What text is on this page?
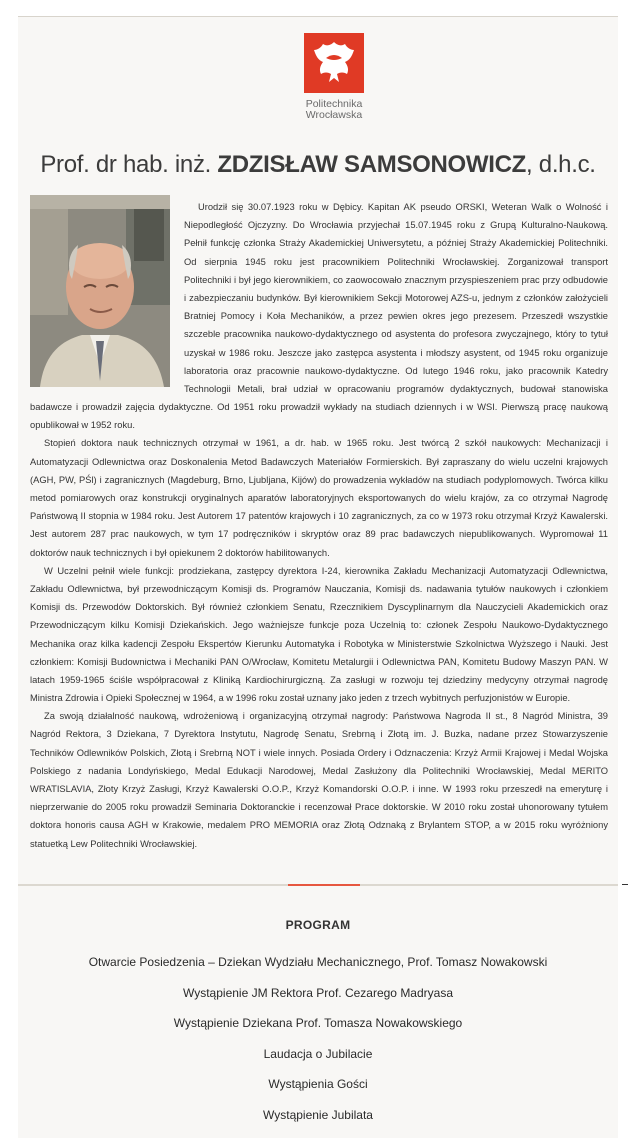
Politechnika
Wrocławska
Prof. dr hab. inż. ZDZISŁAW SAMSONOWICZ, d.h.c.

Urodził się 30.07.1923 roku w Dębicy. Kapitan AK pseudo ORSKI, Weteran Walk o Wolność i Niepodległość Ojczyzny. Do Wrocławia przyjechał 15.07.1945 roku z Grupą Kulturalno-Naukową. Pełnił funkcję członka Straży Akademickiej Uniwersytetu, a później Straży Akademickiej Politechniki. Od sierpnia 1945 roku jest pracownikiem Politechniki Wrocławskiej. Zorganizował transport Politechniki i był jego kierownikiem, co zaowocowało znacznym przyspieszeniem prac przy odbudowie i zabezpieczaniu budynków. Był kierownikiem Sekcji Motorowej AZS-u, jednym z członków założycieli Bratniej Pomocy i Koła Mechaników, a przez pewien okres jego prezesem. Przeszedł wszystkie szczeble pracownika naukowo-dydaktycznego od asystenta do profesora zwyczajnego, który to tytuł uzyskał w 1986 roku. Jeszcze jako zastępca asystenta i młodszy asystent, od 1945 roku organizuje laboratoria oraz pracownie naukowo-dydaktyczne. Od lutego 1946 roku, jako pracownik Katedry Technologii Metali, brał udział w opracowaniu programów dydaktycznych, budował stanowiska badawcze i prowadził zajęcia dydaktyczne. Od 1951 roku prowadził wykłady na studiach dziennych i w WSI. Pierwszą pracę naukową opublikował w 1952 roku.

Stopień doktora nauk technicznych otrzymał w 1961, a dr. hab. w 1965 roku. Jest twórcą 2 szkół naukowych: Mechanizacji i Automatyzacji Odlewnictwa oraz Doskonalenia Metod Badawczych Materiałów Formierskich. Był zapraszany do wielu uczelni krajowych (AGH, PW, PŚl) i zagranicznych (Magdeburg, Brno, Ljubljana, Kijów) do prowadzenia wykładów na studiach podyplomowych. Twórca kilku metod pomiarowych oraz konstrukcji oryginalnych aparatów laboratoryjnych eksportowanych do wielu krajów, za co otrzymał Nagrodę Państwową II stopnia w 1984 roku. Jest Autorem 17 patentów krajowych i 10 zagranicznych, za co w 1973 roku otrzymał Krzyż Kawalerski. Jest autorem 287 prac naukowych, w tym 17 podręczników i skryptów oraz 89 prac badawczych niepublikowanych. Wypromował 11 doktorów nauk technicznych i był opiekunem 2 doktorów habilitowanych.

W Uczelni pełnił wiele funkcji: prodziekana, zastępcy dyrektora I-24, kierownika Zakładu Mechanizacji Automatyzacji Odlewnictwa, Zakładu Odlewnictwa, był przewodniczącym Komisji ds. Programów Nauczania, Komisji ds. nadawania tytułów naukowych i członkiem Komisji ds. Przewodów Doktorskich. Był również członkiem Senatu, Rzecznikiem Dyscyplinarnym dla Nauczycieli Akademickich oraz Przewodniczącym kilku Komisji Dziekańskich. Jego ważniejsze funkcje poza Uczelnią to: członek Zespołu Naukowo-Dydaktycznego Mechanika oraz kilka kadencji Zespołu Ekspertów Kierunku Automatyka i Robotyka w Ministerstwie Szkolnictwa Wyższego i Nauki. Jest członkiem: Komisji Budownictwa i Mechaniki PAN O/Wrocław, Komitetu Metalurgii i Odlewnictwa PAN, Komitetu Budowy Maszyn PAN. W latach 1959-1965 ściśle współpracował z Kliniką Kardiochirurgiczną. Za zasługi w rozwoju tej dziedziny medycyny otrzymał nagrodę Ministra Zdrowia i Opieki Społecznej w 1964, a w 1996 roku został uznany jako jeden z trzech wybitnych perfuzjonistów w Europie.

Za swoją działalność naukową, wdrożeniową i organizacyjną otrzymał nagrody: Państwowa Nagroda II st., 8 Nagród Ministra, 39 Nagród Rektora, 3 Dziekana, 7 Dyrektora Instytutu, Nagrodę Senatu, Srebrną i Złotą im. J. Buzka, nadane przez Stowarzyszenie Techników Odlewników Polskich, Złotą i Srebrną NOT i wiele innych. Posiada Ordery i Odznaczenia: Krzyż Armii Krajowej i Medal Wojska Polskiego z nadania Londyńskiego, Medal Edukacji Narodowej, Medal Zasłużony dla Politechniki Wrocławskiej, Medal MERITO WRATISLAVIA, Złoty Krzyż Zasługi, Krzyż Kawalerski O.O.P., Krzyż Komandorski O.O.P. i inne. W 1993 roku przeszedł na emeryturę i nieprzerwanie do 2005 roku prowadził Seminaria Doktoranckie i recenzował Prace doktorskie. W 2010 roku został uhonorowany tytułem doktora honoris causa AGH w Krakowie, medalem PRO MEMORIA oraz Złotą Odznaką z Brylantem STOP, a w 2015 roku wyróżniony statuetką Lew Politechniki Wrocławskiej.

PROGRAM
Otwarcie Posiedzenia – Dziekan Wydziału Mechanicznego, Prof. Tomasz Nowakowski
Wystąpienie JM Rektora Prof. Cezarego Madryasa
Wystąpienie Dziekana Prof. Tomasza Nowakowskiego
Laudacja o Jubilacie
Wystąpienia Gości
Wystąpienie Jubilata
